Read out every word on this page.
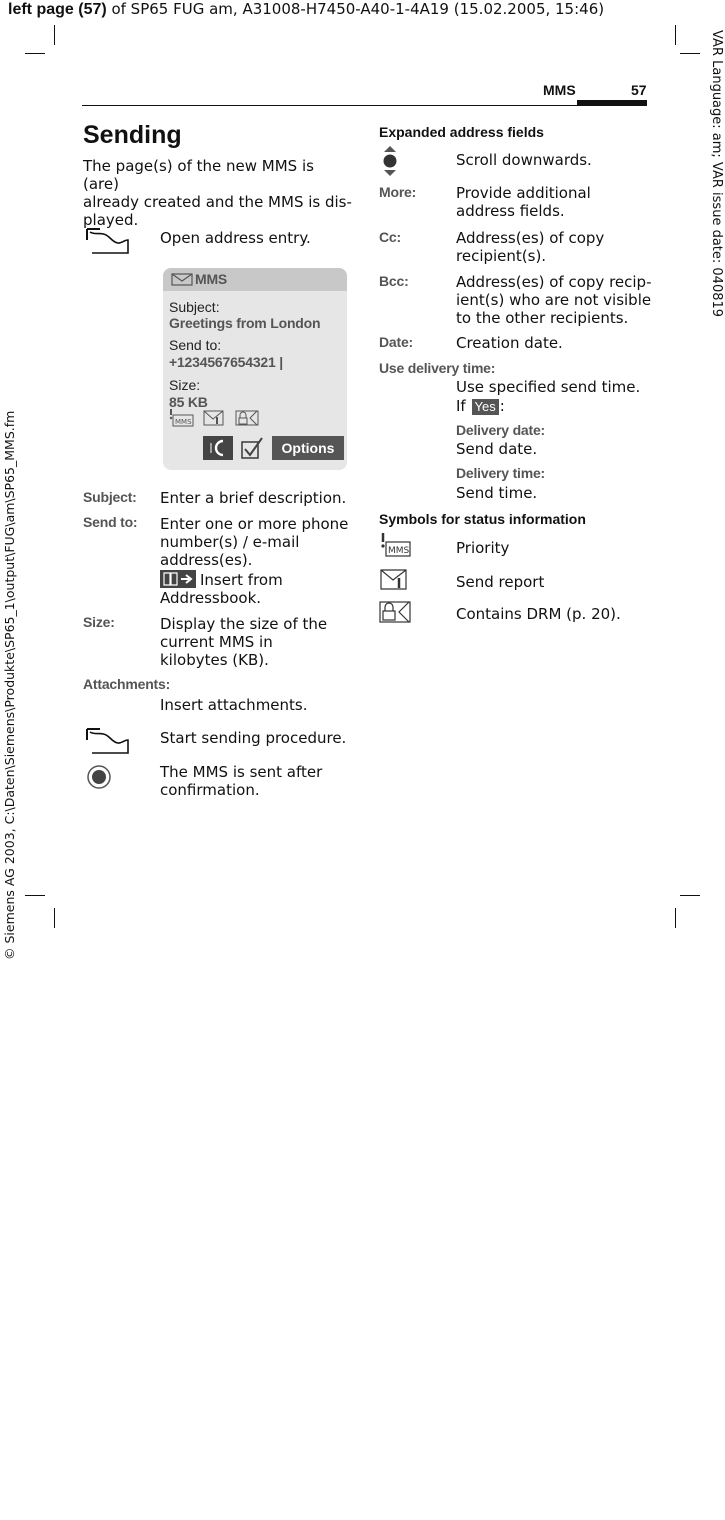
left page (57) of SP65 FUG am, A31008-H7450-A40-1-4A19 (15.02.2005, 15:46)
VAR Language: am; VAR issue date: 040819
© Siemens AG 2003, C:\Daten\Siemens\Produkte\SP65_1\output\FUG\am\SP65_MMS.fm
MMS	57
Sending
The page(s) of the new MMS is (are)
already created and the MMS is dis-
played.
Open address entry.
MMS
Subject:
Greetings from London
Send to:
+1234567654321 |
Size:
85 KB
MMS
Options
Subject: Enter a brief description.
Send to: Enter one or more phone
number(s) / e-mail
address(es).
Insert from
Addressbook.
Size:	Display the size of the
current MMS in
kilobytes (KB).
Attachments:
Insert attachments.
Start sending procedure.
The MMS is sent after
confirmation.
Expanded address fields
Scroll downwards.
More:	Provide additional
address fields.
Cc:	Address(es) of copy
recipient(s).
Bcc:	Address(es) of copy recip-
ient(s) who are not visible
to the other recipients.
Date:	Creation date.
Use delivery time:
Use specified send time.
If Yes :
Delivery date:
Send date.
Delivery time:
Send time.
Symbols for status information
MMS	Priority
Send report
Contains DRM (p. 20).
